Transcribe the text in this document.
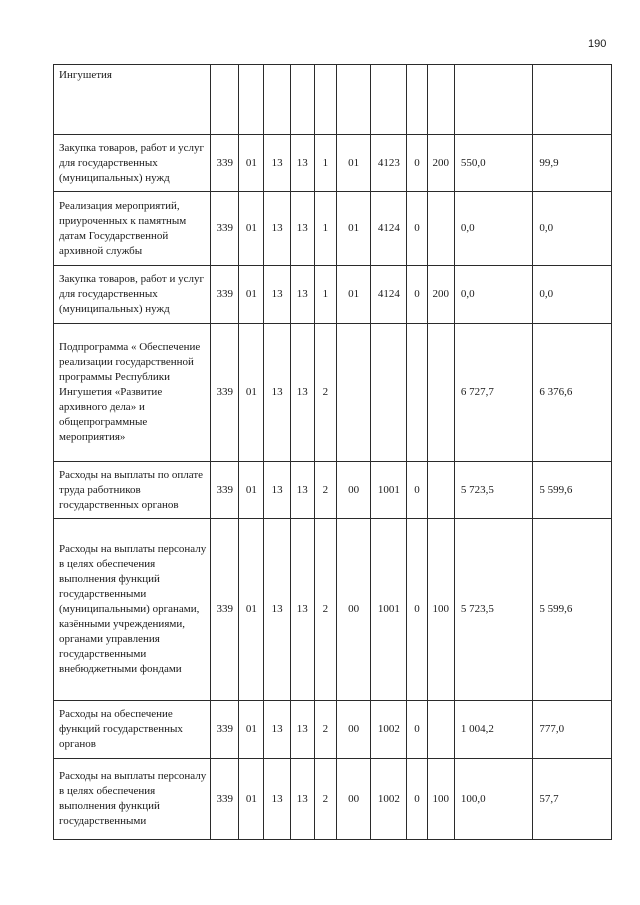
190
Ингушетия											
Закупка товаров, работ и услуг для государственных (муниципальных) нужд	339	01	13	13	1	01	4123	0	200	550,0	99,9
Реализация мероприятий, приуроченных к памятным датам Государственной архивной службы	339	01	13	13	1	01	4124	0		0,0	0,0
Закупка товаров, работ и услуг для государственных (муниципальных) нужд	339	01	13	13	1	01	4124	0	200	0,0	0,0
Подпрограмма « Обеспечение реализации государственной программы Республики Ингушетия «Развитие архивного дела» и общепрограммные мероприятия»	339	01	13	13	2					6 727,7	6 376,6
Расходы на выплаты по оплате труда работников государственных органов	339	01	13	13	2	00	1001	0		5 723,5	5 599,6
Расходы на выплаты персоналу в целях обеспечения выполнения функций государственными (муниципальными) органами, казёнными учреждениями, органами управления государственными внебюджетными фондами	339	01	13	13	2	00	1001	0	100	5 723,5	5 599,6
Расходы на обеспечение функций государственных органов	339	01	13	13	2	00	1002	0		1 004,2	777,0
Расходы на выплаты персоналу в целях обеспечения выполнения функций государственными	339	01	13	13	2	00	1002	0	100	100,0	57,7
